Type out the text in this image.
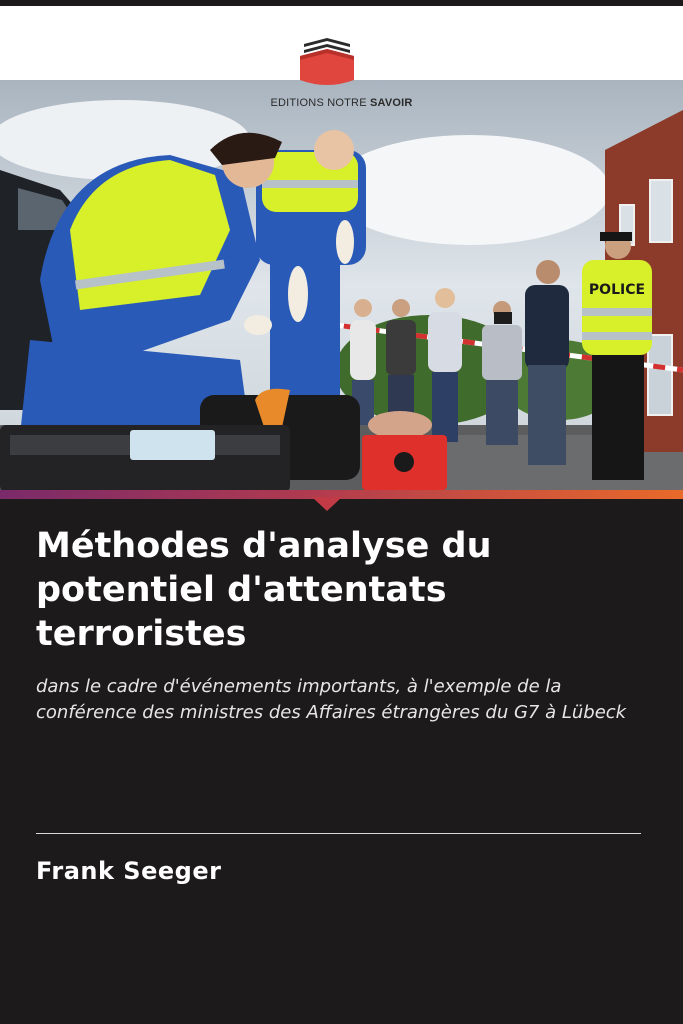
POLICE
EDITIONS NOTRE SAVOIR
Méthodes d'analyse du potentiel d'attentats terroristes

dans le cadre d'événements importants, à l'exemple de la conférence des ministres des Affaires étrangères du G7 à Lübeck

Frank Seeger
